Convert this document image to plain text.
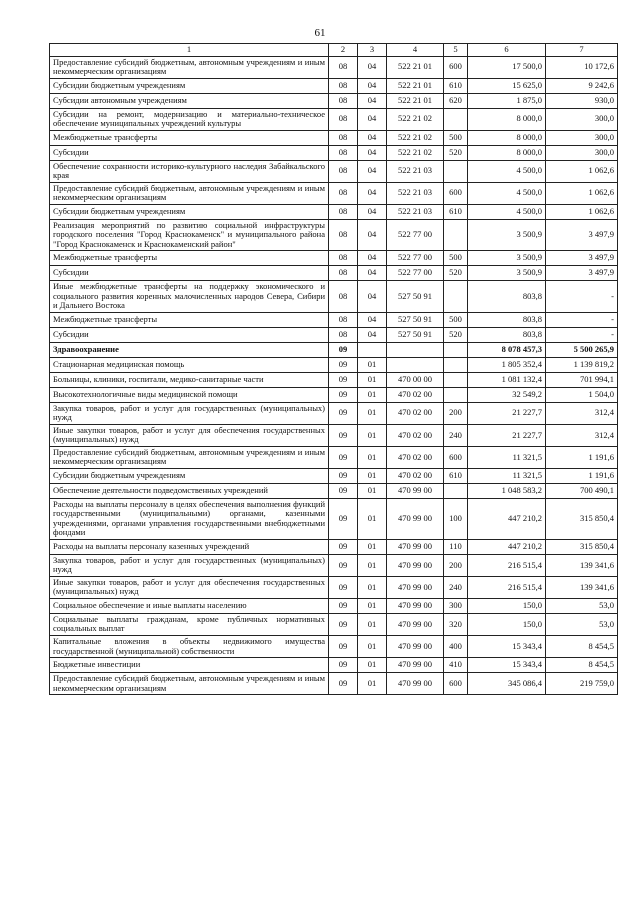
61
1	2	3	4	5	6	7
Предоставление субсидий бюджетным, автономным учреждениям и иным некоммерческим организациям	08	04	522 21 01	600	17 500,0	10 172,6
Субсидии бюджетным учреждениям	08	04	522 21 01	610	15 625,0	9 242,6
Субсидии автономным учреждениям	08	04	522 21 01	620	1 875,0	930,0
Субсидии на ремонт, модернизацию и материально-техническое обеспечение муниципальных учреждений культуры	08	04	522 21 02		8 000,0	300,0
Межбюджетные трансферты	08	04	522 21 02	500	8 000,0	300,0
Субсидии	08	04	522 21 02	520	8 000,0	300,0
Обеспечение сохранности историко-культурного наследия Забайкальского края	08	04	522 21 03		4 500,0	1 062,6
Предоставление субсидий бюджетным, автономным учреждениям и иным некоммерческим организациям	08	04	522 21 03	600	4 500,0	1 062,6
Субсидии бюджетным учреждениям	08	04	522 21 03	610	4 500,0	1 062,6
Реализация мероприятий по развитию социальной инфраструктуры городского поселения "Город Краснокаменск" и муниципального района "Город Краснокаменск и Краснокаменский район"	08	04	522 77 00		3 500,9	3 497,9
Межбюджетные трансферты	08	04	522 77 00	500	3 500,9	3 497,9
Субсидии	08	04	522 77 00	520	3 500,9	3 497,9
Иные межбюджетные трансферты на поддержку экономического и социального развития коренных малочисленных народов Севера, Сибири и Дальнего Востока	08	04	527 50 91		803,8	-
Межбюджетные трансферты	08	04	527 50 91	500	803,8	-
Субсидии	08	04	527 50 91	520	803,8	-
Здравоохранение	09				8 078 457,3	5 500 265,9
Стационарная медицинская помощь	09	01			1 805 352,4	1 139 819,2
Больницы, клиники, госпитали, медико-санитарные части	09	01	470 00 00		1 081 132,4	701 994,1
Высокотехнологичные виды медицинской помощи	09	01	470 02 00		32 549,2	1 504,0
Закупка товаров, работ и услуг для государственных (муниципальных) нужд	09	01	470 02 00	200	21 227,7	312,4
Иные закупки товаров, работ и услуг для обеспечения государственных (муниципальных) нужд	09	01	470 02 00	240	21 227,7	312,4
Предоставление субсидий бюджетным, автономным учреждениям и иным некоммерческим организациям	09	01	470 02 00	600	11 321,5	1 191,6
Субсидии бюджетным учреждениям	09	01	470 02 00	610	11 321,5	1 191,6
Обеспечение деятельности подведомственных учреждений	09	01	470 99 00		1 048 583,2	700 490,1
Расходы на выплаты персоналу в целях обеспечения выполнения функций государственными (муниципальными) органами, казенными учреждениями, органами управления государственными внебюджетными фондами	09	01	470 99 00	100	447 210,2	315 850,4
Расходы на выплаты персоналу казенных учреждений	09	01	470 99 00	110	447 210,2	315 850,4
Закупка товаров, работ и услуг для государственных (муниципальных) нужд	09	01	470 99 00	200	216 515,4	139 341,6
Иные закупки товаров, работ и услуг для обеспечения государственных (муниципальных) нужд	09	01	470 99 00	240	216 515,4	139 341,6
Социальное обеспечение и иные выплаты населению	09	01	470 99 00	300	150,0	53,0
Социальные выплаты гражданам, кроме публичных нормативных социальных выплат	09	01	470 99 00	320	150,0	53,0
Капитальные вложения в объекты недвижимого имущества государственной (муниципальной) собственности	09	01	470 99 00	400	15 343,4	8 454,5
Бюджетные инвестиции	09	01	470 99 00	410	15 343,4	8 454,5
Предоставление субсидий бюджетным, автономным учреждениям и иным некоммерческим организациям	09	01	470 99 00	600	345 086,4	219 759,0
